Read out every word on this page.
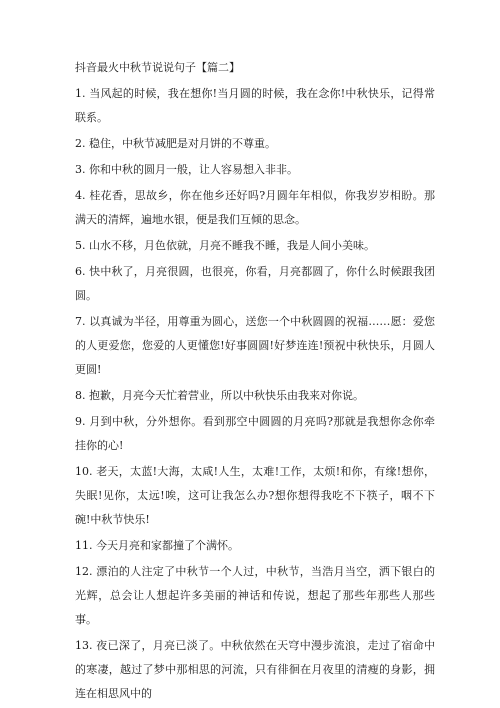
抖音最火中秋节说说句子【篇二】
1. 当风起的时候，我在想你!当月圆的时候，我在念你!中秋快乐，记得常联系。
2. 稳住，中秋节减肥是对月饼的不尊重。
3. 你和中秋的圆月一般，让人容易想入非非。
4. 桂花香，思故乡，你在他乡还好吗?月圆年年相似，你我岁岁相盼。那满天的清辉，遍地水银，便是我们互倾的思念。
5. 山水不移，月色依就，月亮不睡我不睡，我是人间小美味。
6. 快中秋了，月亮很圆，也很亮，你看，月亮都圆了，你什么时候跟我团圆。
7. 以真诚为半径，用尊重为圆心，送您一个中秋圆圆的祝福……愿：爱您的人更爱您，您爱的人更懂您!好事圆圆!好梦连连!预祝中秋快乐，月圆人更圆!
8. 抱歉，月亮今天忙着营业，所以中秋快乐由我来对你说。
9. 月到中秋，分外想你。看到那空中圆圆的月亮吗?那就是我想你念你牵挂你的心!
10. 老天，太蓝!大海，太咸!人生，太难!工作，太烦!和你，有缘!想你，失眠!见你，太远!唉，这可让我怎么办?想你想得我吃不下筷子，咽不下碗!中秋节快乐!
11. 今天月亮和家都撞了个满怀。
12. 漂泊的人注定了中秋节一个人过，中秋节，当浩月当空，洒下银白的光辉，总会让人想起许多美丽的神话和传说，想起了那些年那些人那些事。
13. 夜已深了，月亮已淡了。中秋依然在天穹中漫步流浪，走过了宿命中的寒凄，越过了梦中那相思的河流，只有徘徊在月夜里的清瘦的身影，拥连在相思风中的
